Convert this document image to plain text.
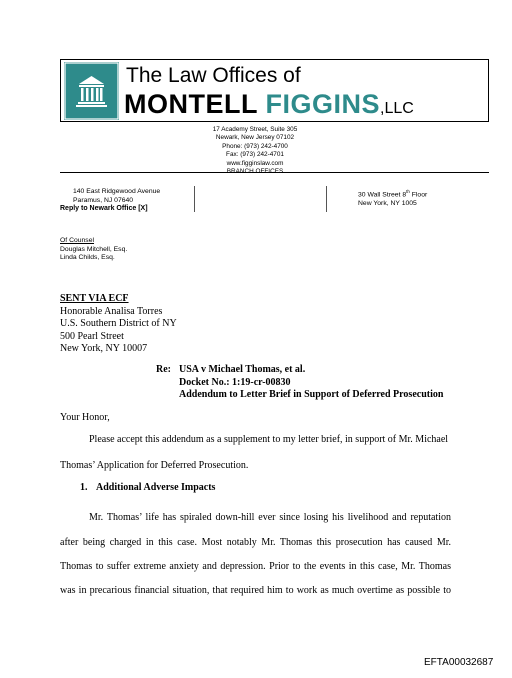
The Law Offices of
MONTELL FIGGINS,LLC
17 Academy Street, Suite 305
Newark, New Jersey 07102
Phone: (973) 242-4700
Fax: (973) 242-4701
www.figginslaw.com
140 East Ridgewood Avenue
Paramus, NJ 07640
Reply to Newark Office [X]
30 Wall Street 8th Floor
New York, NY 1005
Of Counsel
Douglas Mitchell, Esq.
Linda Childs, Esq.
SENT VIA ECF
Honorable Analisa Torres
U.S. Southern District of NY
500 Pearl Street
New York, NY 10007
Re: USA v Michael Thomas, et al.
Docket No.: 1:19-cr-00830
Addendum to Letter Brief in Support of Deferred Prosecution
Your Honor,
Please accept this addendum as a supplement to my letter brief, in support of Mr. Michael
Thomas’ Application for Deferred Prosecution.
1. Additional Adverse Impacts
Mr. Thomas’ life has spiraled down-hill ever since losing his livelihood and reputation
after being charged in this case. Most notably Mr. Thomas this prosecution has caused Mr.
Thomas to suffer extreme anxiety and depression. Prior to the events in this case, Mr. Thomas
was in precarious financial situation, that required him to work as much overtime as possible to
EFTA00032687
